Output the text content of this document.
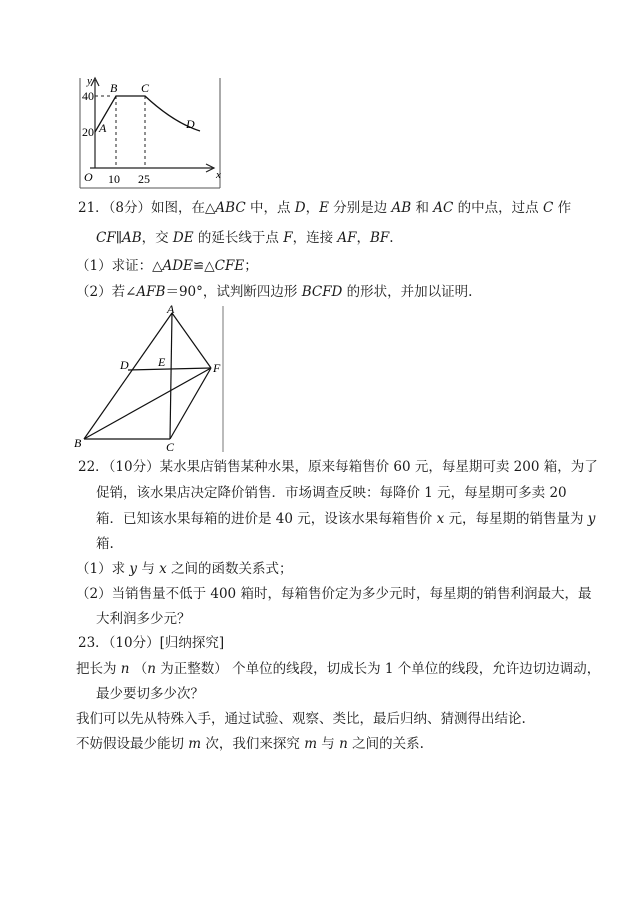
y
x
40
20
O 10 25
A
B C
D
21．（8分）如图，在△ABC 中，点 D，E 分别是边 AB 和 AC 的中点，过点 C 作
CF∥AB，交 DE 的延长线于点 F，连接 AF，BF.
（1）求证：△ADE≌△CFE；
（2）若∠AFB＝90°，试判断四边形 BCFD 的形状，并加以证明.
A
B	C
D E	F
22．（10分）某水果店销售某种水果，原来每箱售价 60 元，每星期可卖 200 箱，为了
促销，该水果店决定降价销售．市场调查反映：每降价 1 元，每星期可多卖 20
箱．已知该水果每箱的进价是 40 元，设该水果每箱售价 x 元，每星期的销售量为 y
箱.
（1）求 y 与 x 之间的函数关系式；
（2）当销售量不低于 400 箱时，每箱售价定为多少元时，每星期的销售利润最大，最
大利润多少元？
23．（10分）[归纳探究]
把长为 n （n 为正整数） 个单位的线段，切成长为 1 个单位的线段，允许边切边调动，
最少要切多少次？
我们可以先从特殊入手，通过试验、观察、类比，最后归纳、猜测得出结论.
不妨假设最少能切 m 次，我们来探究 m 与 n 之间的关系.
